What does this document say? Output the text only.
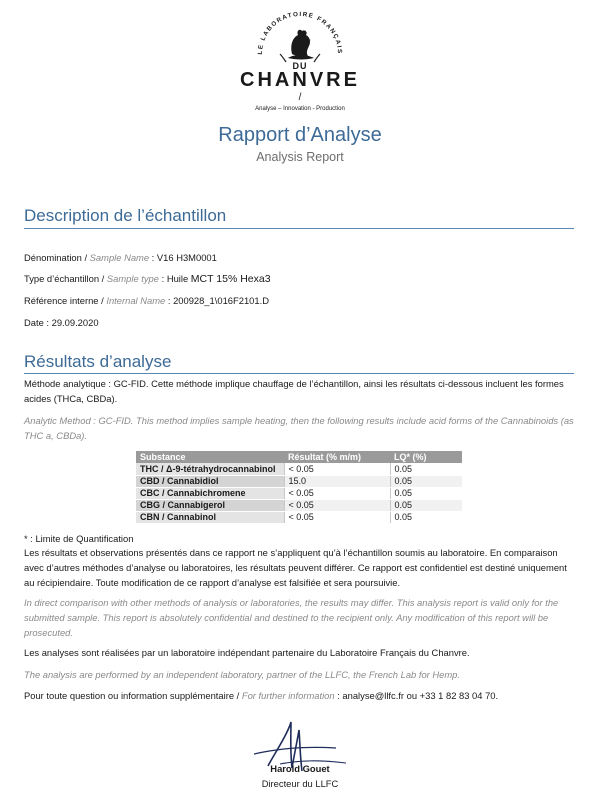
LE LABORATOIRE FRANÇAIS
DU
CHANVRE
/
Analyse – Innovation - Production
Rapport d’Analyse
Analysis Report
Description de l’échantillon
Dénomination / Sample Name : V16 H3M0001
Type d’échantillon / Sample type : Huile MCT 15% Hexa3
Référence interne / Internal Name : 200928_1\016F2101.D
Date : 29.09.2020
Résultats d’analyse
Méthode analytique : GC-FID. Cette méthode implique chauffage de l’échantillon, ainsi les résultats ci-dessous incluent les formes acides (THCa, CBDa).
Analytic Method : GC-FID. This method implies sample heating, then the following results include acid forms of the Cannabinoids (as THC a, CBDa).
Substance	Résultat (% m/m)	LQ* (%)
THC / Δ-9-tétrahydrocannabinol	< 0.05	0.05
CBD / Cannabidiol	15.0	0.05
CBC / Cannabichromene	< 0.05	0.05
CBG / Cannabigerol	< 0.05	0.05
CBN / Cannabinol	< 0.05	0.05
* : Limite de Quantification
Les résultats et observations présentés dans ce rapport ne s’appliquent qu’à l’échantillon soumis au laboratoire. En comparaison avec d’autres méthodes d’analyse ou laboratoires, les résultats peuvent différer. Ce rapport est confidentiel est destiné uniquement au récipiendaire. Toute modification de ce rapport d’analyse est falsifiée et sera poursuivie.
In direct comparison with other methods of analysis or laboratories, the results may differ. This analysis report is valid only for the submitted sample. This report is absolutely confidential and destined to the recipient only. Any modification of this report will be prosecuted.
Les analyses sont réalisées par un laboratoire indépendant partenaire du Laboratoire Français du Chanvre.
The analysis are performed by an independent laboratory, partner of the LLFC, the French Lab for Hemp.
Pour toute question ou information supplémentaire / For further information : analyse@llfc.fr ou +33 1 82 83 04 70.
Harold Gouet
Directeur du LLFC
